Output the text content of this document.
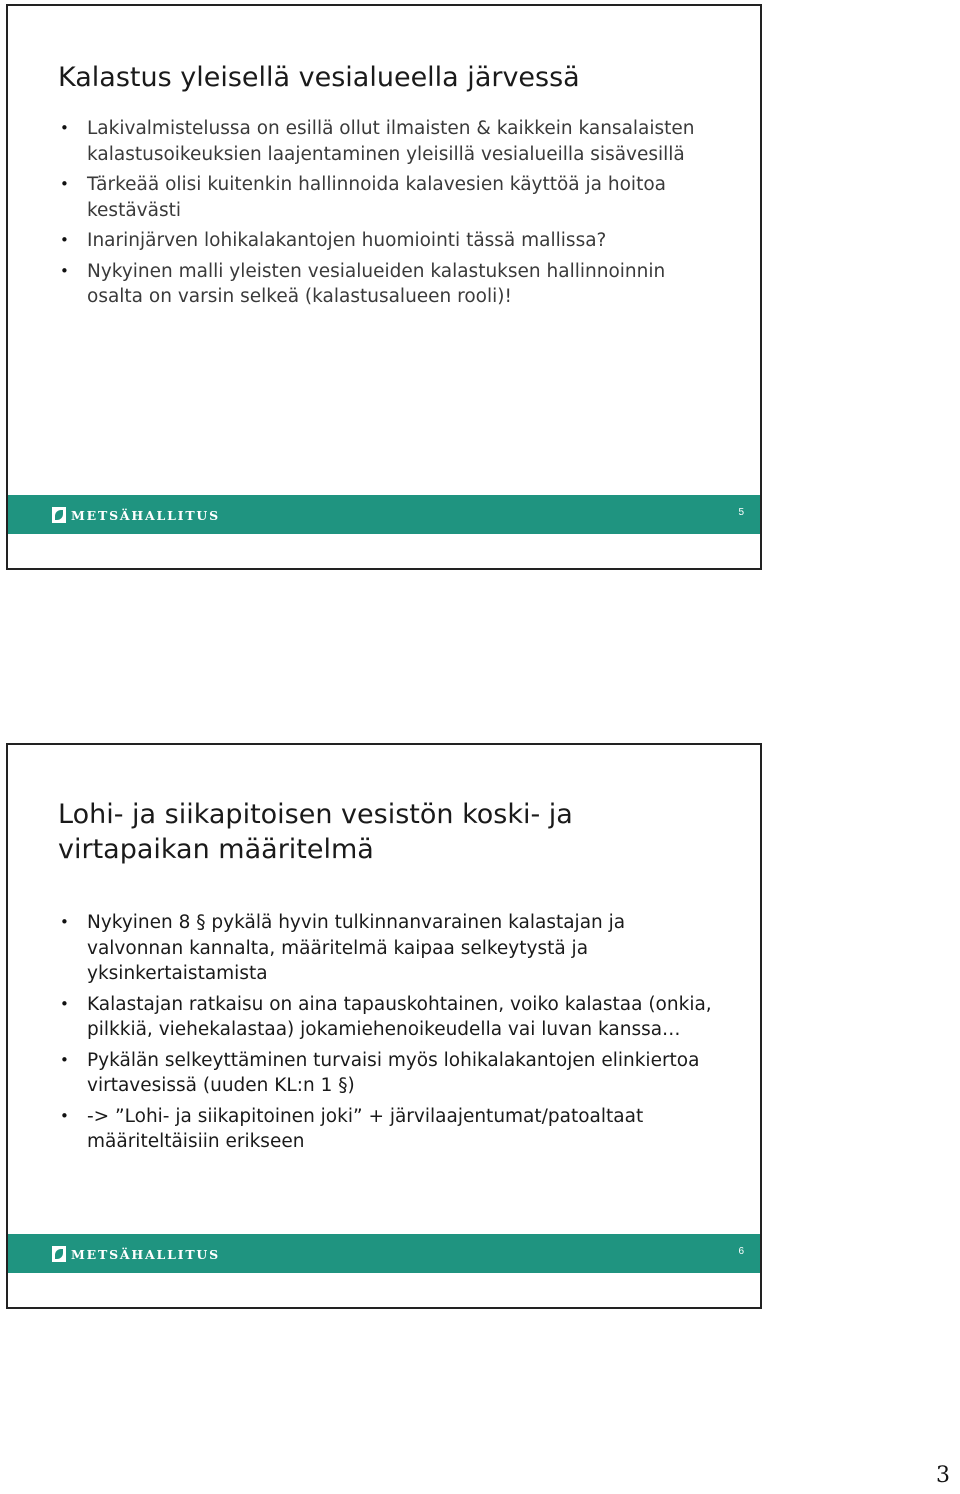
Kalastus yleisellä vesialueella järvessä
• Lakivalmistelussa on esillä ollut ilmaisten & kaikkein kansalaisten kalastusoikeuksien laajentaminen yleisillä vesialueilla sisävesillä
• Tärkeää olisi kuitenkin hallinnoida kalavesien käyttöä ja hoitoa kestävästi
• Inarinjärven lohikalakantojen huomiointi tässä mallissa?
• Nykyinen malli yleisten vesialueiden kalastuksen hallinnoinnin osalta on varsin selkeä (kalastusalueen rooli)!
METSÄHALLITUS	5
Lohi- ja siikapitoisen vesistön koski- ja virtapaikan määritelmä
• Nykyinen 8 § pykälä hyvin tulkinnanvarainen kalastajan ja valvonnan kannalta, määritelmä kaipaa selkeytystä ja yksinkertaistamista
• Kalastajan ratkaisu on aina tapauskohtainen, voiko kalastaa (onkia, pilkkiä, viehekalastaa) jokamiehenoikeudella vai luvan kanssa…
• Pykälän selkeyttäminen turvaisi myös lohikalakantojen elinkiertoa virtavesissä (uuden KL:n 1 §)
• -> ”Lohi- ja siikapitoinen joki” + järvilaajentumat/patoaltaat määriteltäisiin erikseen
METSÄHALLITUS	6
3
